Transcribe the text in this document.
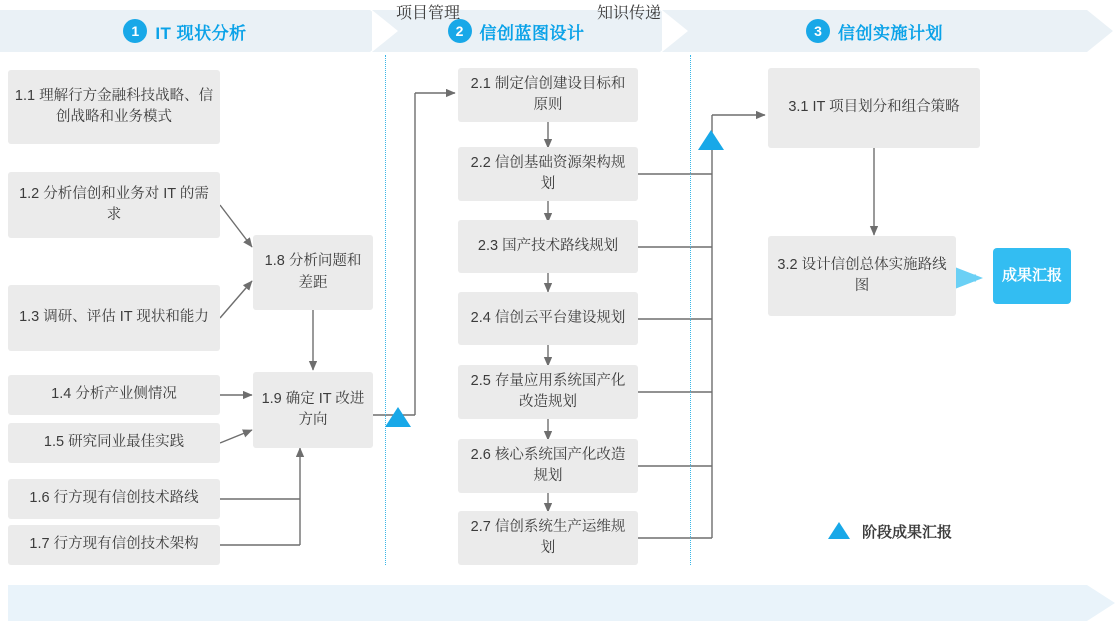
1 IT 现状分析	2 信创蓝图设计	3 信创实施计划
1.1 理解行方金融科技战略、信创战略和业务模式
1.2 分析信创和业务对 IT 的需求
1.3 调研、评估 IT 现状和能力
1.4 分析产业侧情况
1.5 研究同业最佳实践
1.6 行方现有信创技术路线
1.7 行方现有信创技术架构
1.8 分析问题和差距
1.9 确定 IT 改进方向
2.1 制定信创建设目标和原则
2.2 信创基础资源架构规划
2.3 国产技术路线规划
2.4 信创云平台建设规划
2.5 存量应用系统国产化改造规划
2.6 核心系统国产化改造规划
2.7 信创系统生产运维规划
3.1 IT 项目划分和组合策略
3.2 设计信创总体实施路线图
成果汇报
阶段成果汇报
项目管理	知识传递
